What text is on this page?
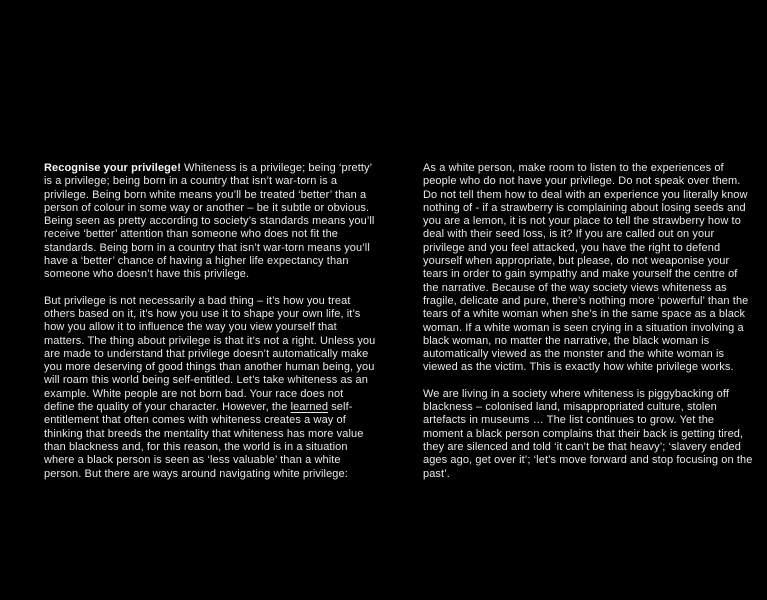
Recognise your privilege! Whiteness is a privilege; being ‘pretty’ is a privilege; being born in a country that isn’t war-torn is a privilege. Being born white means you’ll be treated ‘better’ than a person of colour in some way or another – be it subtle or obvious. Being seen as pretty according to society’s standards means you’ll receive ‘better’ attention than someone who does not fit the standards. Being born in a country that isn’t war-torn means you’ll have a ‘better’ chance of having a higher life expectancy than someone who doesn’t have this privilege.

But privilege is not necessarily a bad thing – it’s how you treat others based on it, it’s how you use it to shape your own life, it’s how you allow it to influence the way you view yourself that matters. The thing about privilege is that it’s not a right. Unless you are made to understand that privilege doesn’t automatically make you more deserving of good things than another human being, you will roam this world being self-entitled. Let’s take whiteness as an example. White people are not born bad. Your race does not define the quality of your character. However, the learned self-entitlement that often comes with whiteness creates a way of thinking that breeds the mentality that whiteness has more value than blackness and, for this reason, the world is in a situation where a black person is seen as ‘less valuable’ than a white person. But there are ways around navigating white privilege:

As a white person, make room to listen to the experiences of people who do not have your privilege. Do not speak over them. Do not tell them how to deal with an experience you literally know nothing of - if a strawberry is complaining about losing seeds and you are a lemon, it is not your place to tell the strawberry how to deal with their seed loss, is it? If you are called out on your privilege and you feel attacked, you have the right to defend yourself when appropriate, but please, do not weaponise your tears in order to gain sympathy and make yourself the centre of the narrative. Because of the way society views whiteness as fragile, delicate and pure, there’s nothing more ‘powerful’ than the tears of a white woman when she’s in the same space as a black woman. If a white woman is seen crying in a situation involving a black woman, no matter the narrative, the black woman is automatically viewed as the monster and the white woman is viewed as the victim. This is exactly how white privilege works.

We are living in a society where whiteness is piggybacking off blackness – colonised land, misappropriated culture, stolen artefacts in museums … The list continues to grow. Yet the moment a black person complains that their back is getting tired, they are silenced and told ‘it can’t be that heavy’; ‘slavery ended ages ago, get over it’; ‘let’s move forward and stop focusing on the past’.
